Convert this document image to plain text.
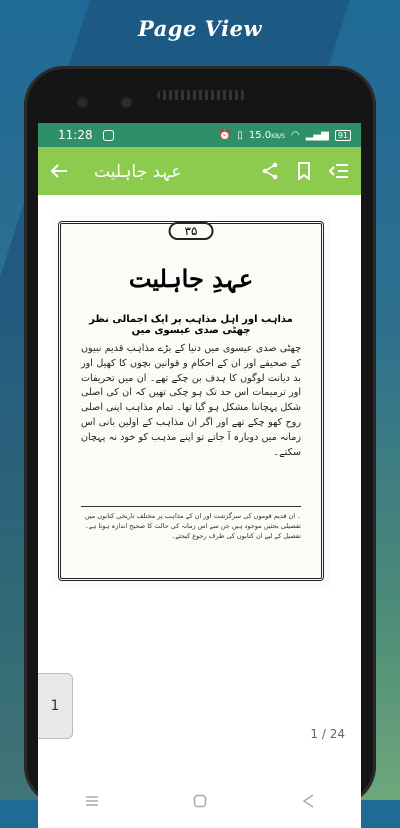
Page View
11:28	⏰ ▯ 15.0KB/S ◠ ▂▄▆	91
عہد جاہلیت
۳۵
عہدِ جاہلیت
مذاہب اور اہل مذاہب پر ایک اجمالی نظر چھٹی صدی عیسوی میں
چھٹی صدی عیسوی میں دنیا کے بڑے مذاہب قدیم نبیوں کے صحیفے اور ان کے احکام و قوانین بچوں کا کھیل اور بد دیانت لوگوں کا ہدف بن چکے تھے۔ ان میں تحریفات اور ترمیمات اس حد تک ہو چکی تھیں کہ ان کی اصلی شکل پہچاننا مشکل ہو گیا تھا۔ تمام مذاہب اپنی اصلی روح کھو چکے تھے اور اگر ان مذاہب کے اولین بانی اس زمانہ میں دوبارہ آ جاتے تو اپنے مذہب کو خود نہ پہچان سکتے۔
۔ ان قدیم قوموں کی سرگزشت اور ان کے مذاہب پر مختلف تاریخی کتابوں میں تفصیلی بحثیں موجود ہیں جن سے اس زمانہ کی حالت کا صحیح اندازہ ہوتا ہے۔ تفصیل کے لیے ان کتابوں کی طرف رجوع کیجئے۔
1
1 / 24
